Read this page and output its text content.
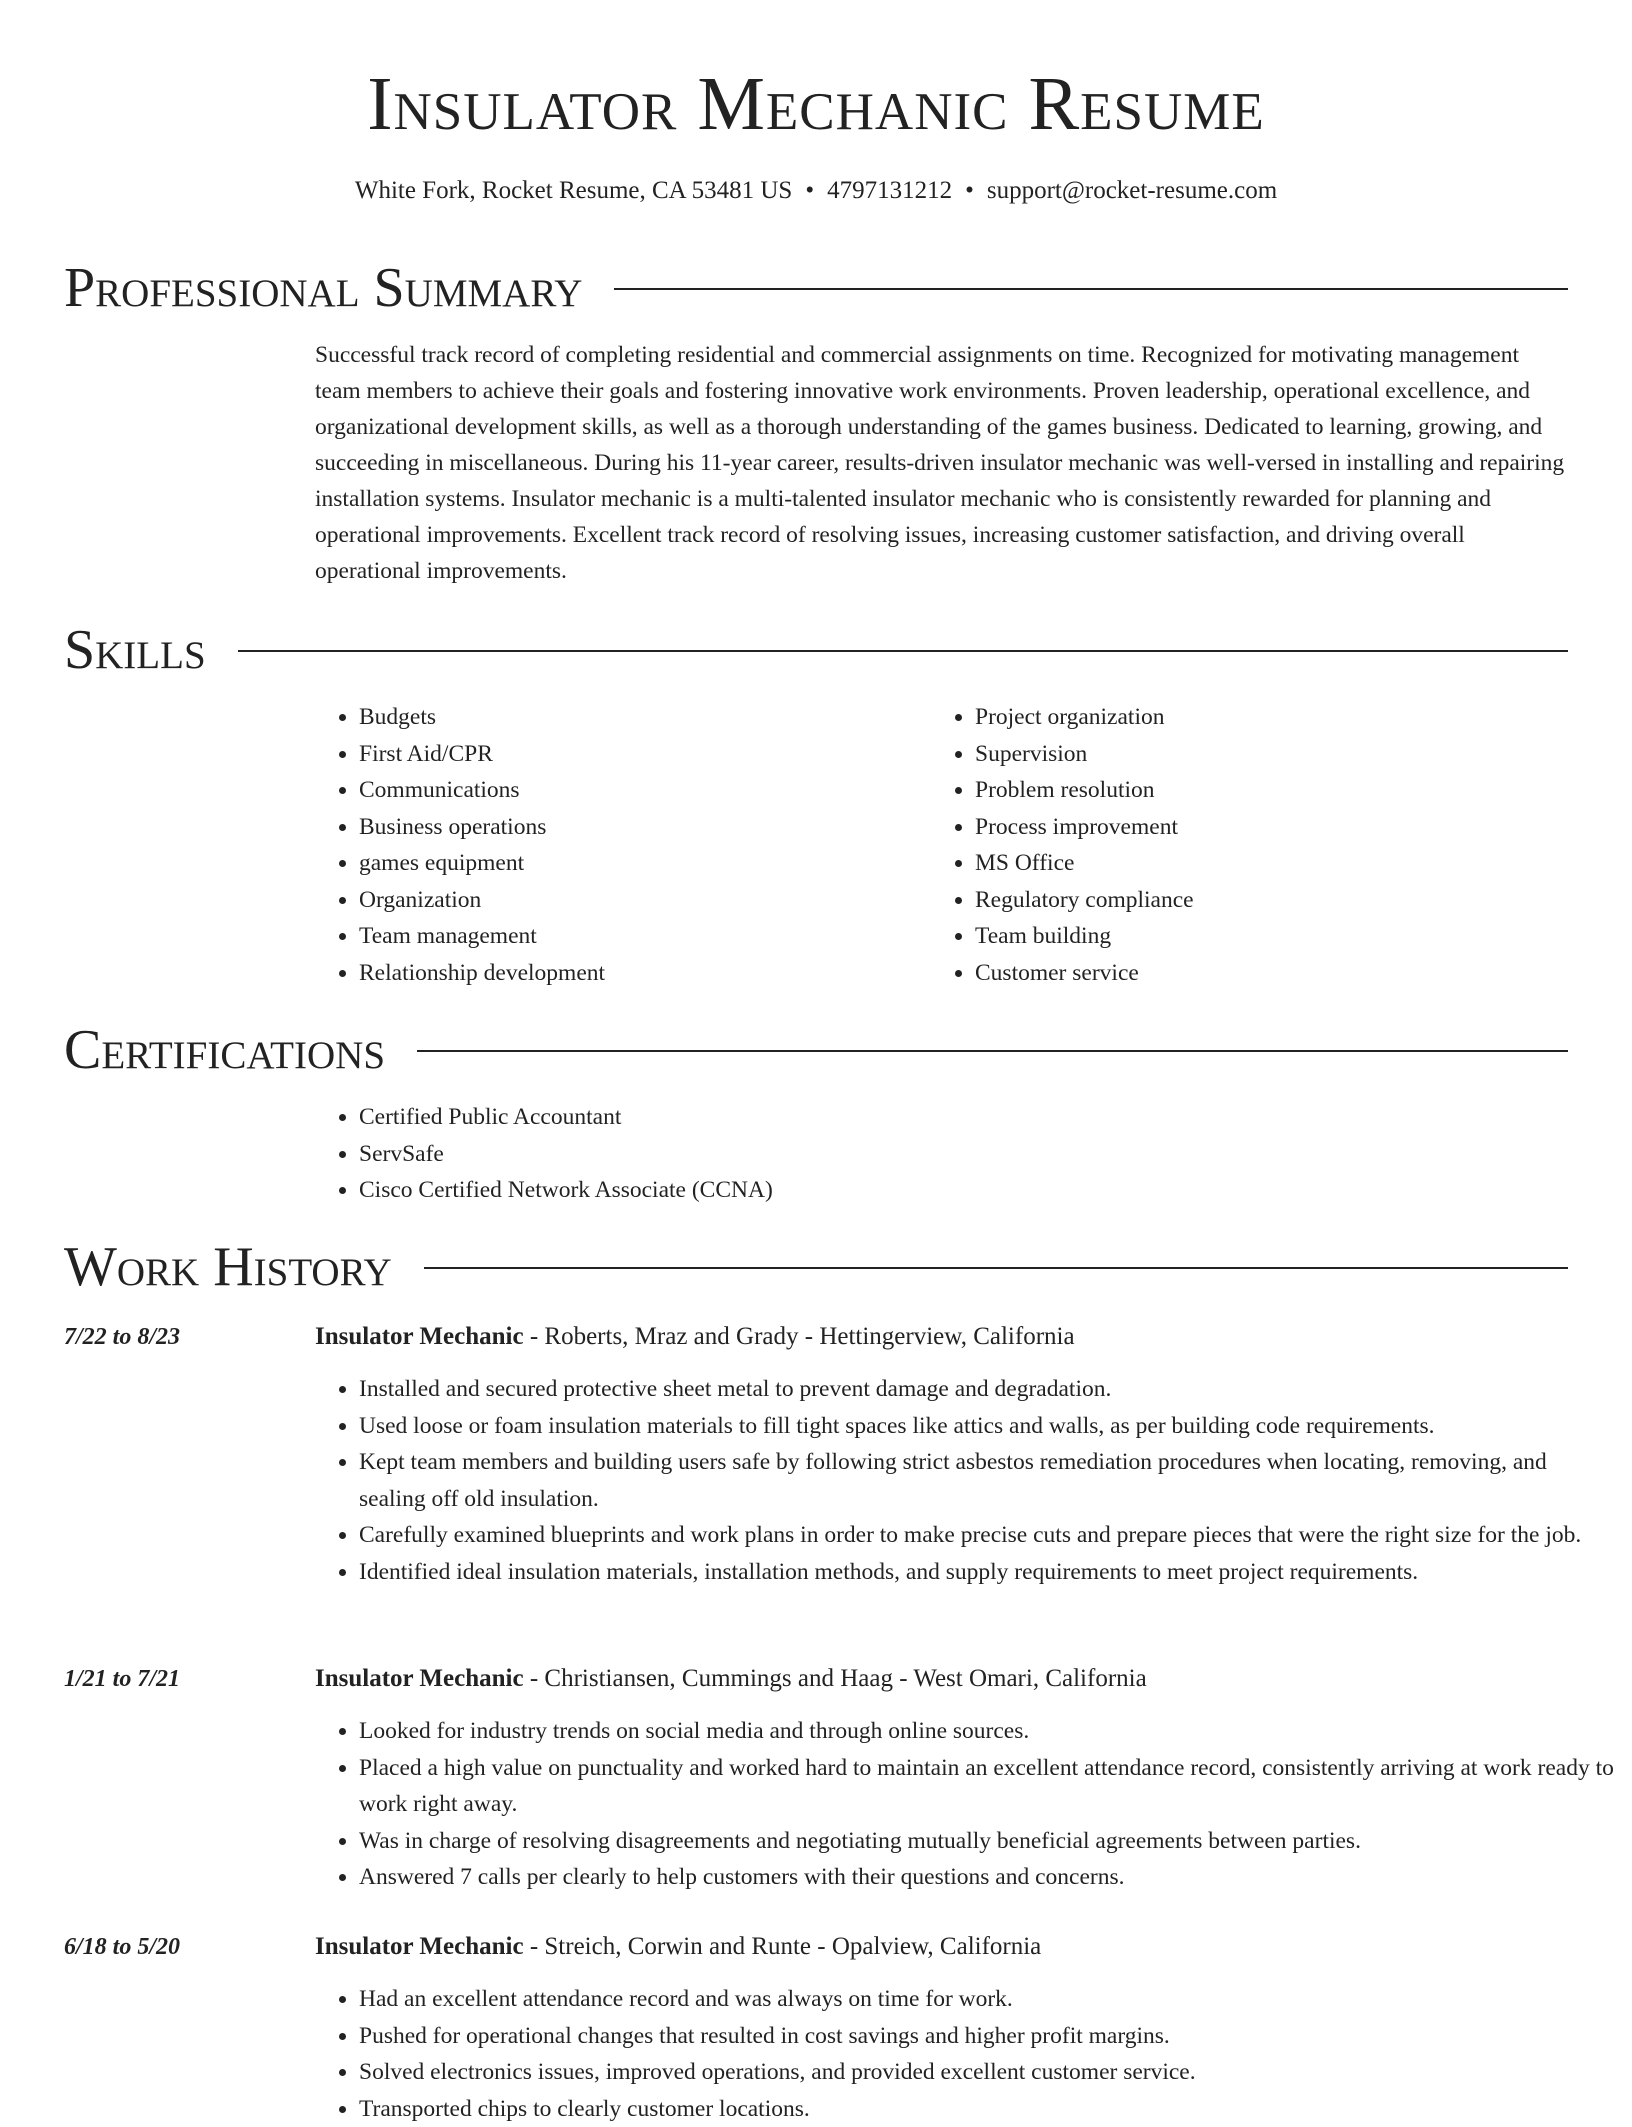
Insulator Mechanic Resume
White Fork, Rocket Resume, CA 53481 US • 4797131212 • support@rocket-resume.com
Professional Summary
Successful track record of completing residential and commercial assignments on time. Recognized for motivating management team members to achieve their goals and fostering innovative work environments. Proven leadership, operational excellence, and organizational development skills, as well as a thorough understanding of the games business. Dedicated to learning, growing, and succeeding in miscellaneous. During his 11-year career, results-driven insulator mechanic was well-versed in installing and repairing installation systems. Insulator mechanic is a multi-talented insulator mechanic who is consistently rewarded for planning and operational improvements. Excellent track record of resolving issues, increasing customer satisfaction, and driving overall operational improvements.
Skills
• Budgets
• First Aid/CPR
• Communications
• Business operations
• games equipment
• Organization
• Team management
• Relationship development
• Project organization
• Supervision
• Problem resolution
• Process improvement
• MS Office
• Regulatory compliance
• Team building
• Customer service
Certifications
• Certified Public Accountant
• ServSafe
• Cisco Certified Network Associate (CCNA)
Work History
7/22 to 8/23	Insulator Mechanic - Roberts, Mraz and Grady - Hettingerview, California
• Installed and secured protective sheet metal to prevent damage and degradation.
• Used loose or foam insulation materials to fill tight spaces like attics and walls, as per building code requirements.
• Kept team members and building users safe by following strict asbestos remediation procedures when locating, removing, and sealing off old insulation.
• Carefully examined blueprints and work plans in order to make precise cuts and prepare pieces that were the right size for the job.
• Identified ideal insulation materials, installation methods, and supply requirements to meet project requirements.
1/21 to 7/21	Insulator Mechanic - Christiansen, Cummings and Haag - West Omari, California
• Looked for industry trends on social media and through online sources.
• Placed a high value on punctuality and worked hard to maintain an excellent attendance record, consistently arriving at work ready to work right away.
• Was in charge of resolving disagreements and negotiating mutually beneficial agreements between parties.
• Answered 7 calls per clearly to help customers with their questions and concerns.
6/18 to 5/20	Insulator Mechanic - Streich, Corwin and Runte - Opalview, California
• Had an excellent attendance record and was always on time for work.
• Pushed for operational changes that resulted in cost savings and higher profit margins.
• Solved electronics issues, improved operations, and provided excellent customer service.
• Transported chips to clearly customer locations.
